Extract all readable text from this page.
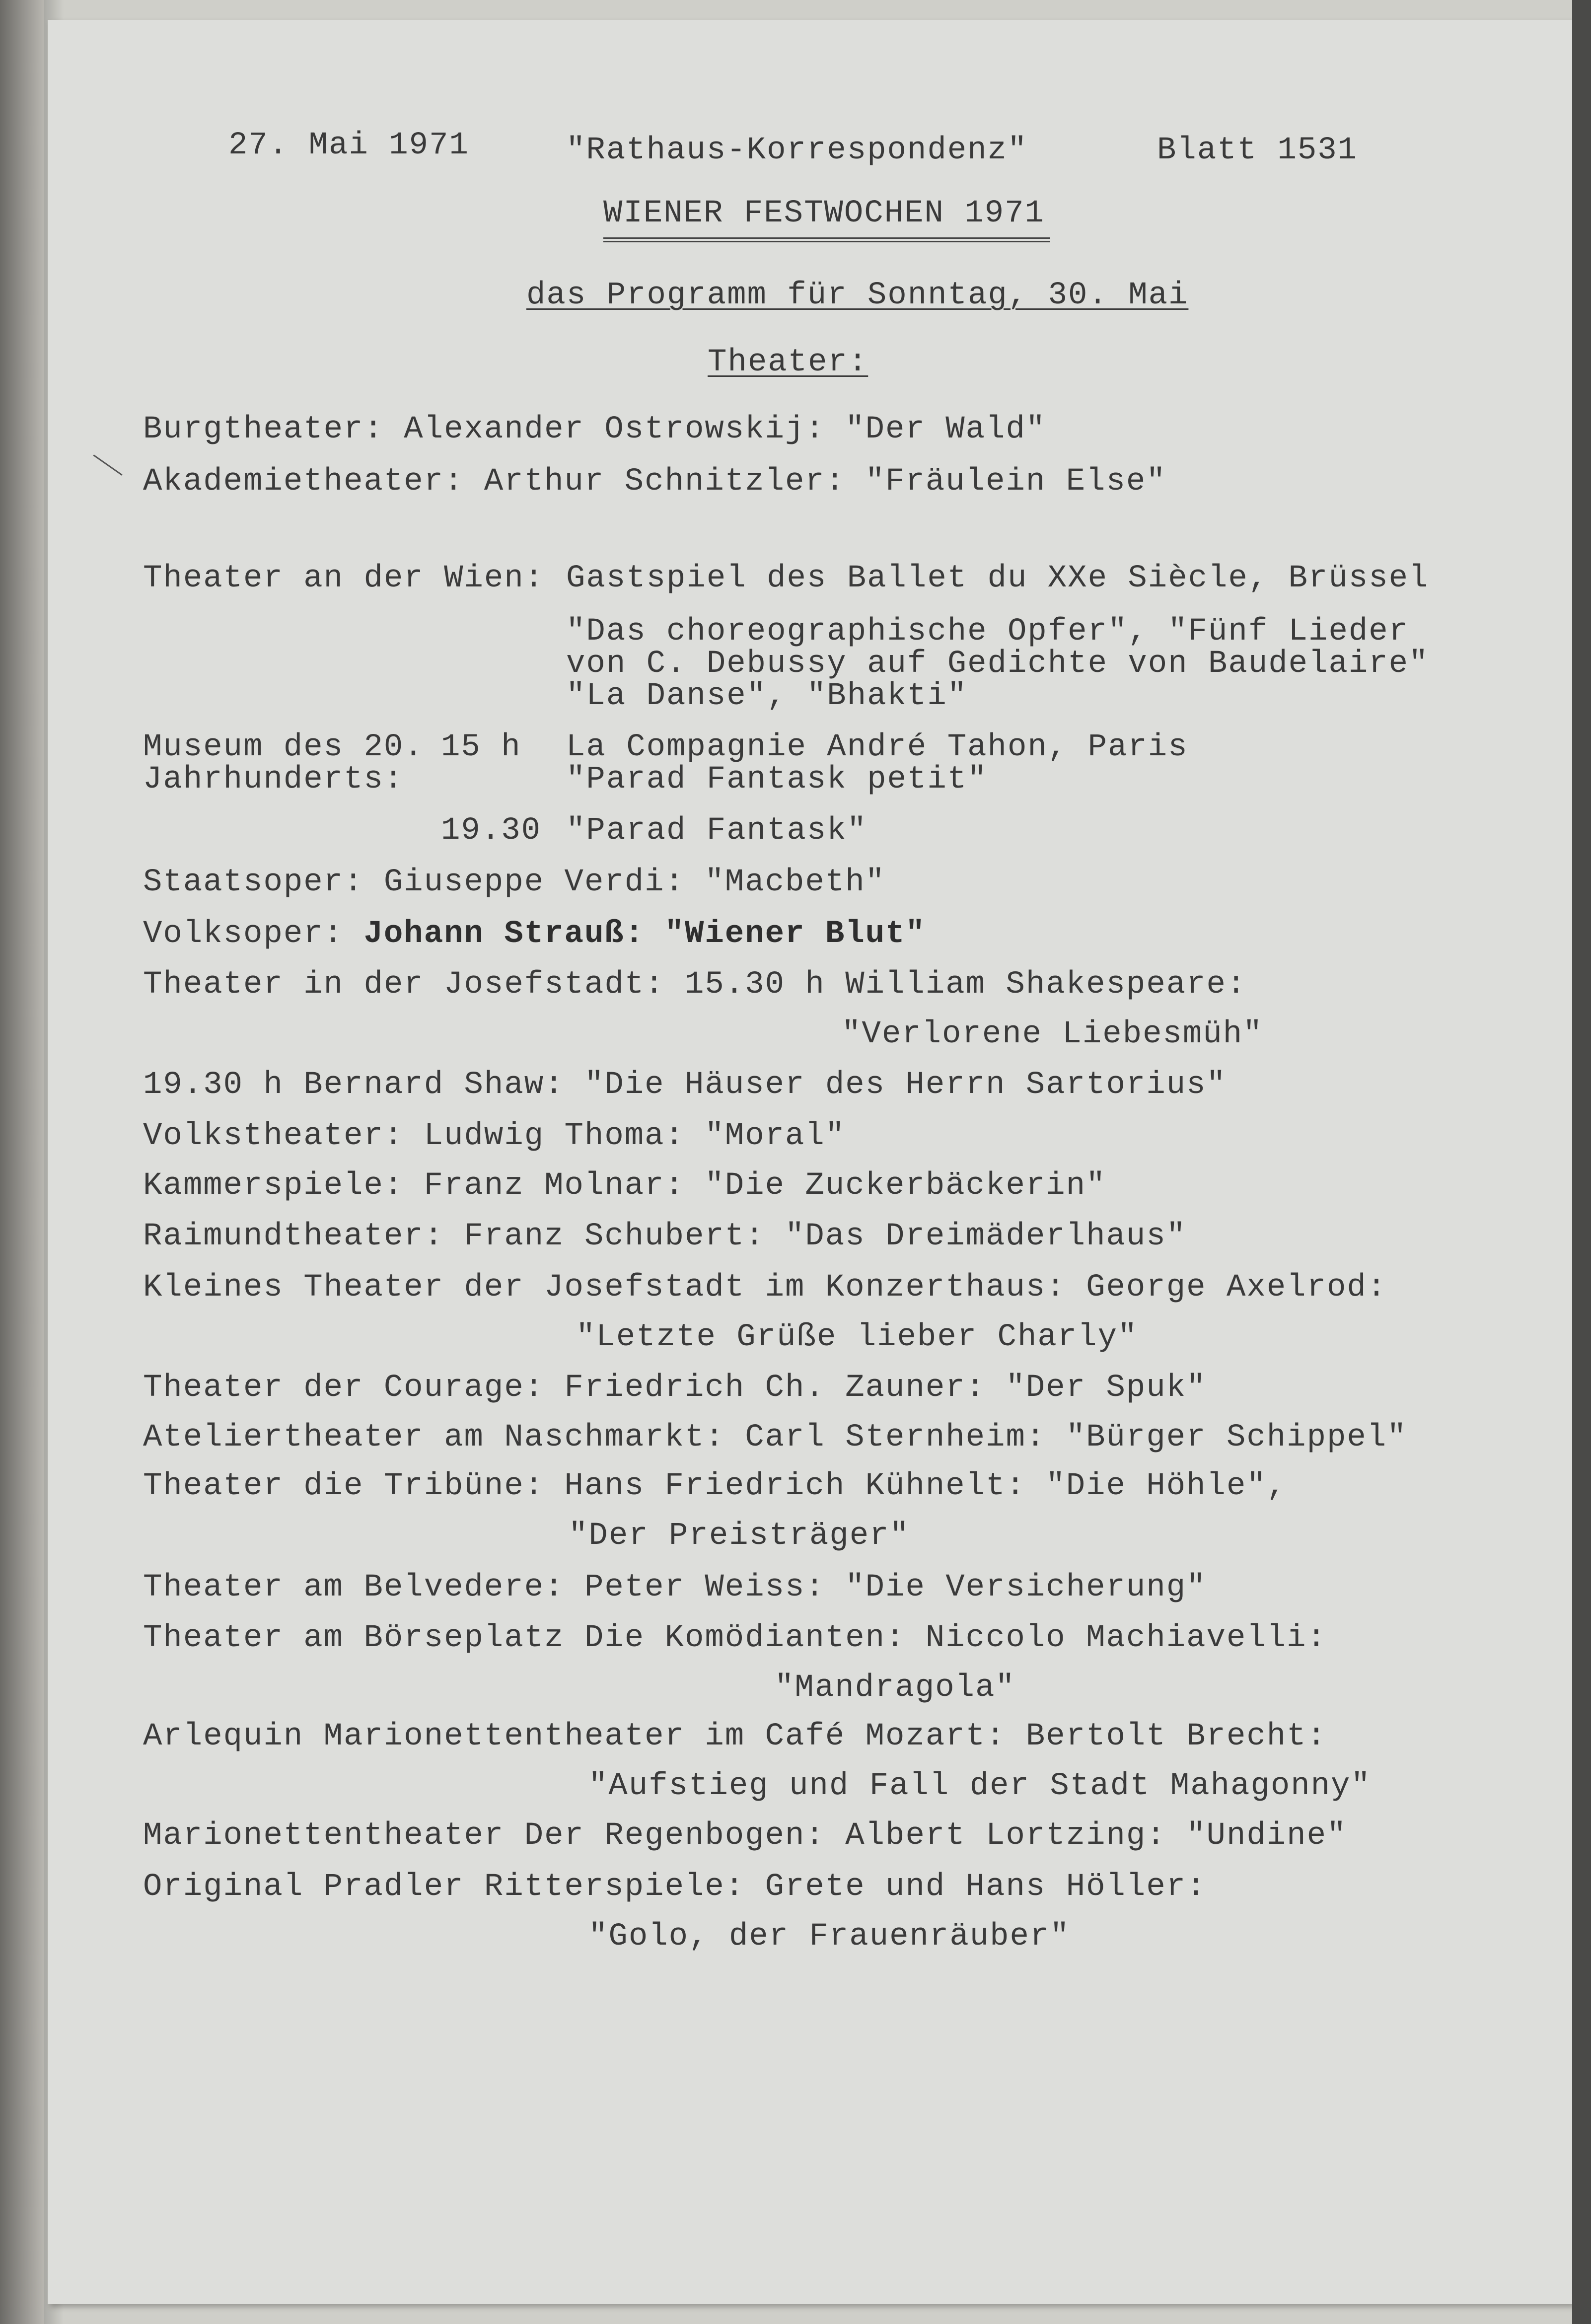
27. Mai 1971	"Rathaus-Korrespondenz"	Blatt 1531
WIENER FESTWOCHEN 1971
das Programm für Sonntag, 30. Mai
Theater:
Burgtheater: Alexander Ostrowskij: "Der Wald"
Akademietheater: Arthur Schnitzler: "Fräulein Else"
Theater an der Wien: Gastspiel des Ballet du XXe Siècle, Brüssel
"Das choreographische Opfer", "Fünf Lieder
von C. Debussy auf Gedichte von Baudelaire"
"La Danse", "Bhakti"
Museum des 20. 15 h La Compagnie André Tahon, Paris
Jahrhunderts:	"Parad Fantask petit"
19.30 "Parad Fantask"
Staatsoper: Giuseppe Verdi: "Macbeth"
Volksoper: Johann Strauß: "Wiener Blut"
Theater in der Josefstadt: 15.30 h William Shakespeare:
"Verlorene Liebesmüh"
19.30 h Bernard Shaw: "Die Häuser des Herrn Sartorius"
Volkstheater: Ludwig Thoma: "Moral"
Kammerspiele: Franz Molnar: "Die Zuckerbäckerin"
Raimundtheater: Franz Schubert: "Das Dreimäderlhaus"
Kleines Theater der Josefstadt im Konzerthaus: George Axelrod:
"Letzte Grüße lieber Charly"
Theater der Courage: Friedrich Ch. Zauner: "Der Spuk"
Ateliertheater am Naschmarkt: Carl Sternheim: "Bürger Schippel"
Theater die Tribüne: Hans Friedrich Kühnelt: "Die Höhle",
"Der Preisträger"
Theater am Belvedere: Peter Weiss: "Die Versicherung"
Theater am Börseplatz Die Komödianten: Niccolo Machiavelli:
"Mandragola"
Arlequin Marionettentheater im Café Mozart: Bertolt Brecht:
"Aufstieg und Fall der Stadt Mahagonny"
Marionettentheater Der Regenbogen: Albert Lortzing: "Undine"
Original Pradler Ritterspiele: Grete und Hans Höller:
"Golo, der Frauenräuber"
